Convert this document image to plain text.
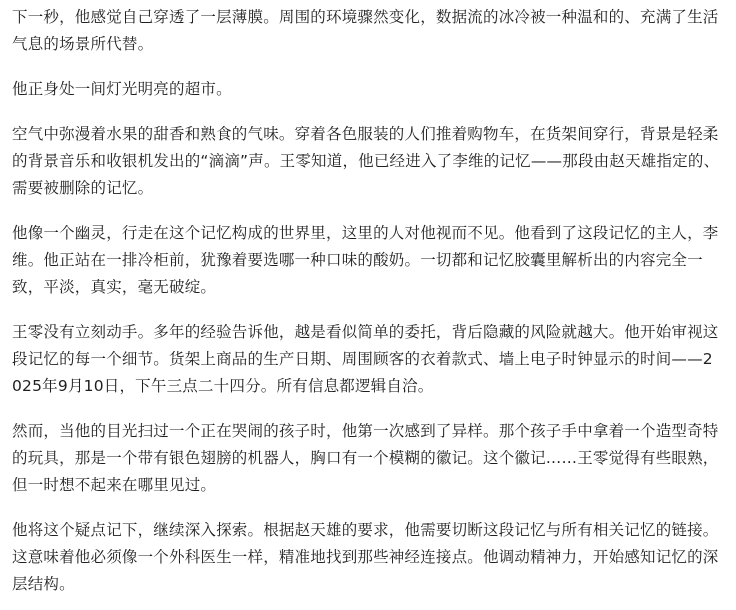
下一秒，他感觉自己穿透了一层薄膜。周围的环境骤然变化，数据流的冰冷被一种温和的、充满了生活气息的场景所代替。

他正身处一间灯光明亮的超市。

空气中弥漫着水果的甜香和熟食的气味。穿着各色服装的人们推着购物车，在货架间穿行，背景是轻柔的背景音乐和收银机发出的“滴滴”声。王零知道，他已经进入了李维的记忆——那段由赵天雄指定的、需要被删除的记忆。

他像一个幽灵，行走在这个记忆构成的世界里，这里的人对他视而不见。他看到了这段记忆的主人，李维。他正站在一排冷柜前，犹豫着要选哪一种口味的酸奶。一切都和记忆胶囊里解析出的内容完全一致，平淡，真实，毫无破绽。

王零没有立刻动手。多年的经验告诉他，越是看似简单的委托，背后隐藏的风险就越大。他开始审视这段记忆的每一个细节。货架上商品的生产日期、周围顾客的衣着款式、墙上电子时钟显示的时间——2025年9月10日，下午三点二十四分。所有信息都逻辑自洽。

然而，当他的目光扫过一个正在哭闹的孩子时，他第一次感到了异样。那个孩子手中拿着一个造型奇特的玩具，那是一个带有银色翅膀的机器人，胸口有一个模糊的徽记。这个徽记……王零觉得有些眼熟，但一时想不起来在哪里见过。

他将这个疑点记下，继续深入探索。根据赵天雄的要求，他需要切断这段记忆与所有相关记忆的链接。这意味着他必须像一个外科医生一样，精准地找到那些神经连接点。他调动精神力，开始感知记忆的深层结构。
